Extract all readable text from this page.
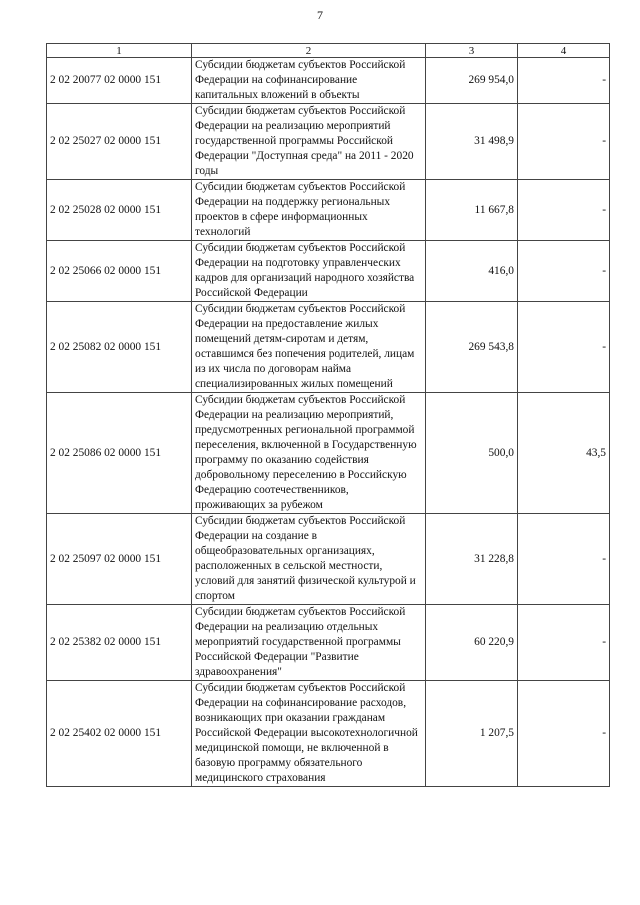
7
1	2	3	4
2 02 20077 02 0000 151	Субсидии бюджетам субъектов Российской Федерации на софинансирование капитальных вложений в объекты	269 954,0	-
2 02 25027 02 0000 151	Субсидии бюджетам субъектов Российской Федерации на реализацию мероприятий государственной программы Российской Федерации "Доступная среда" на 2011 - 2020 годы	31 498,9	-
2 02 25028 02 0000 151	Субсидии бюджетам субъектов Российской Федерации на поддержку региональных проектов в сфере информационных технологий	11 667,8	-
2 02 25066 02 0000 151	Субсидии бюджетам субъектов Российской Федерации на подготовку управленческих кадров для организаций народного хозяйства Российской Федерации	416,0	-
2 02 25082 02 0000 151	Субсидии бюджетам субъектов Российской Федерации на предоставление жилых помещений детям-сиротам и детям, оставшимся без попечения родителей, лицам из их числа по договорам найма специализированных жилых помещений	269 543,8	-
2 02 25086 02 0000 151	Субсидии бюджетам субъектов Российской Федерации на реализацию мероприятий, предусмотренных региональной программой переселения, включенной в Государственную программу по оказанию содействия добровольному переселению в Российскую Федерацию соотечественников, проживающих за рубежом	500,0	43,5
2 02 25097 02 0000 151	Субсидии бюджетам субъектов Российской Федерации на создание в общеобразовательных организациях, расположенных в сельской местности, условий для занятий физической культурой и спортом	31 228,8	-
2 02 25382 02 0000 151	Субсидии бюджетам субъектов Российской Федерации на реализацию отдельных мероприятий государственной программы Российской Федерации "Развитие здравоохранения"	60 220,9	-
2 02 25402 02 0000 151	Субсидии бюджетам субъектов Российской Федерации на софинансирование расходов, возникающих при оказании гражданам Российской Федерации высокотехнологичной медицинской помощи, не включенной в базовую программу обязательного медицинского страхования	1 207,5	-
